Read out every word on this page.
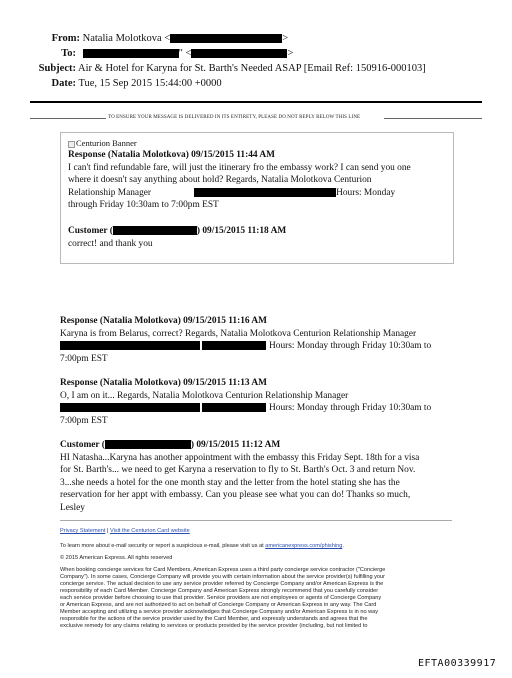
From: Natalia Molotkova <	>
To:	" <	>
Subject: Air & Hotel for Karyna for St. Barth's Needed ASAP [Email Ref: 150916-000103]
Date: Tue, 15 Sep 2015 15:44:00 +0000
TO ENSURE YOUR MESSAGE IS DELIVERED IN ITS ENTIRETY, PLEASE DO NOT REPLY BELOW THIS LINE
Centurion Banner
Response (Natalia Molotkova) 09/15/2015 11:44 AM
I can't find refundable fare, will just the itinerary fro the embassy work? I can send you one
where it doesn't say anything about hold? Regards, Natalia Molotkova Centurion
Relationship Manager	Hours: Monday
through Friday 10:30am to 7:00pm EST
Customer (	) 09/15/2015 11:18 AM
correct! and thank you
Response (Natalia Molotkova) 09/15/2015 11:16 AM
Karyna is from Belarus, correct? Regards, Natalia Molotkova Centurion Relationship Manager
Hours: Monday through Friday 10:30am to
7:00pm EST
Response (Natalia Molotkova) 09/15/2015 11:13 AM
O, I am on it... Regards, Natalia Molotkova Centurion Relationship Manager
Hours: Monday through Friday 10:30am to
7:00pm EST
Customer (	) 09/15/2015 11:12 AM
HI Natasha...Karyna has another appointment with the embassy this Friday Sept. 18th for a visa
for St. Barth's... we need to get Karyna a reservation to fly to St. Barth's Oct. 3 and return Nov.
3...she needs a hotel for the one month stay and the letter from the hotel stating she has the
reservation for her appt with embassy. Can you please see what you can do! Thanks so much,
Lesley
Privacy Statement | Visit the Centurion Card website
To learn more about e-mail security or report a suspicious e-mail, please visit us at americanexpress.com/phishing.
© 2015 American Express. All rights reserved
When booking concierge services for Card Members, American Express uses a third party concierge service contractor ("Concierge
Company"). In some cases, Concierge Company will provide you with certain information about the service provider(s) fulfilling your
concierge service. The actual decision to use any service provider referred by Concierge Company and/or American Express is the
responsibility of each Card Member. Concierge Company and American Express strongly recommend that you carefully consider
each service provider before choosing to use that provider. Service providers are not employees or agents of Concierge Company
or American Express, and are not authorized to act on behalf of Concierge Company or American Express in any way. The Card
Member accepting and utilizing a service provider acknowledges that Concierge Company and/or American Express is in no way
responsible for the actions of the service provider used by the Card Member, and expressly understands and agrees that the
exclusive remedy for any claims relating to services or products provided by the service provider (including, but not limited to
EFTA00339917
